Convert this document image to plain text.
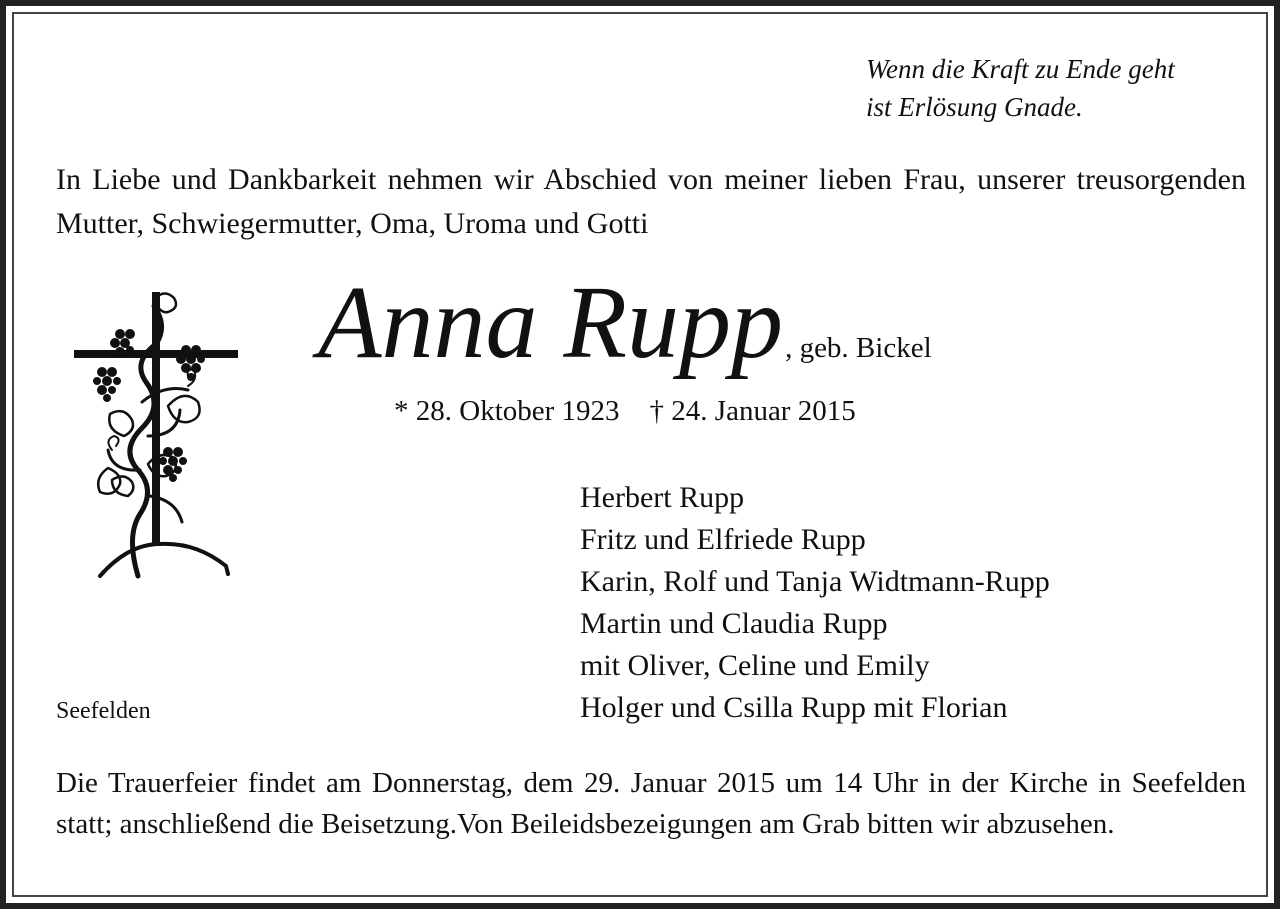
Wenn die Kraft zu Ende geht
ist Erlösung Gnade.
In Liebe und Dankbarkeit nehmen wir Abschied von meiner lieben Frau, unserer treusorgenden Mutter, Schwiegermutter, Oma, Uroma und Gotti
Anna Rupp, geb. Bickel
* 28. Oktober 1923 † 24. Januar 2015
Herbert Rupp
Fritz und Elfriede Rupp
Karin, Rolf und Tanja Widtmann-Rupp
Martin und Claudia Rupp
mit Oliver, Celine und Emily
Holger und Csilla Rupp mit Florian
Seefelden
Die Trauerfeier findet am Donnerstag, dem 29. Januar 2015 um 14 Uhr in der Kirche in Seefelden statt; anschließend die Beisetzung.Von Beileidsbezeigungen am Grab bitten wir abzusehen.
